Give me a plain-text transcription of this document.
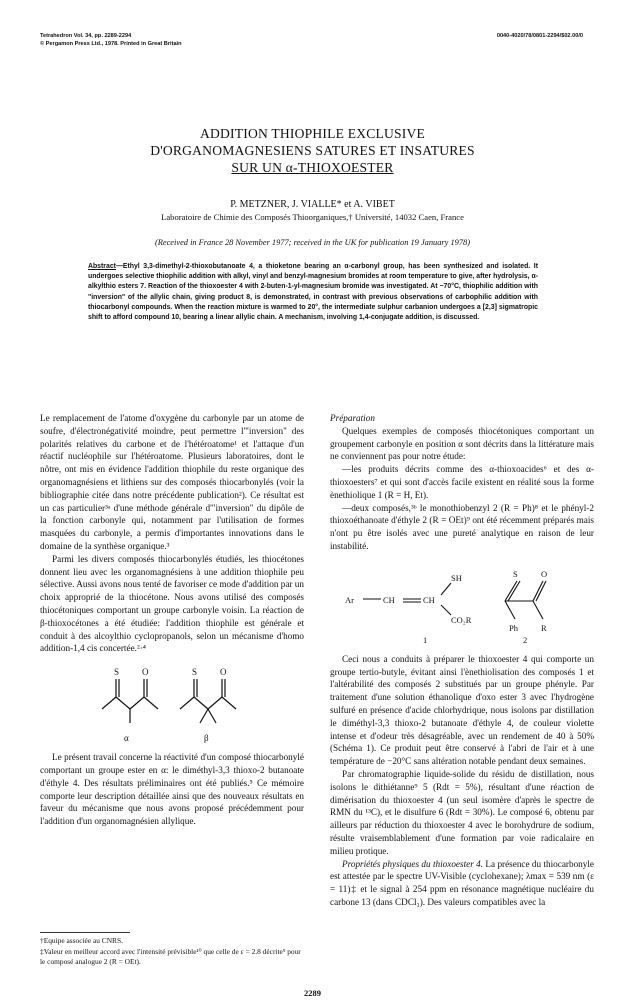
Tetrahedron Vol. 34, pp. 2289-2294
© Pergamon Press Ltd., 1978. Printed in Great Britain
0040-4020/78/0801-2294/$02.00/0
ADDITION THIOPHILE EXCLUSIVE
D'ORGANOMAGNESIENS SATURES ET INSATURES
SUR UN α-THIOXOESTER
P. METZNER, J. VIALLE* et A. VIBET
Laboratoire de Chimie des Composés Thioorganiques,† Université, 14032 Caen, France
(Received in France 28 November 1977; received in the UK for publication 19 January 1978)
Abstract—Ethyl 3,3-dimethyl-2-thioxobutanoate 4, a thioketone bearing an α-carbonyl group, has been synthesized and isolated. It undergoes selective thiophilic addition with alkyl, vinyl and benzyl-magnesium bromides at room temperature to give, after hydrolysis, α-alkylthio esters 7. Reaction of the thioxoester 4 with 2-buten-1-yl-magnesium bromide was investigated. At −70°C, thiophilic addition with "inversion" of the allylic chain, giving product 8, is demonstrated, in contrast with previous observations of carbophilic addition with thiocarbonyl compounds. When the reaction mixture is warmed to 20°, the intermediate sulphur carbanion undergoes a [2,3] sigmatropic shift to afford compound 10, bearing a linear allylic chain. A mechanism, involving 1,4-conjugate addition, is discussed.

Le remplacement de l'atome d'oxygène du carbonyle par un atome de soufre, d'électronégativité moindre, peut permettre l'"inversion" des polarités relatives du carbone et de l'hétéroatome¹ et l'attaque d'un réactif nucléophile sur l'hétéroatome. Plusieurs laboratoires, dont le nôtre, ont mis en évidence l'addition thiophile du reste organique des organomagnésiens et lithiens sur des composés thiocarbonylés (voir la bibliographie citée dans notre précédente publication²). Ce résultat est un cas particulier³ᵃ d'une méthode générale d'"inversion" du dipôle de la fonction carbonyle qui, notamment par l'utilisation de formes masquées du carbonyle, a permis d'importantes innovations dans le domaine de la synthèse organique.³

Parmi les divers composés thiocarbonylés étudiés, les thiocétones donnent lieu avec les organomagnésiens à une addition thiophile peu sélective. Aussi avons nous tenté de favoriser ce mode d'addition par un choix approprié de la thiocétone. Nous avons utilisé des composés thiocétoniques comportant un groupe carbonyle voisin. La réaction de β-thioxocétones a été étudiée: l'addition thiophile est générale et conduit à des alcoylthio cyclopropanols, selon un mécanisme d'homo addition-1,4 cis concertée.²·⁴

S	O	S	O
α	β

Le présent travail concerne la réactivité d'un composé thiocarbonylé comportant un groupe ester en α: le diméthyl-3,3 thioxo-2 butanoate d'éthyle 4. Des résultats préliminaires ont été publiés.⁵ Ce mémoire comporte leur description détaillée ainsi que des nouveaux résultats en faveur du mécanisme que nous avons proposé précédemment pour l'addition d'un organomagnésien allylique.

Préparation

Quelques exemples de composés thiocétoniques comportant un groupement carbonyle en position α sont décrits dans la littérature mais ne conviennent pas pour notre étude:

—les produits décrits comme des α-thioxoacides⁶ et des α-thioxoesters⁷ et qui sont d'accès facile existent en réalité sous la forme ènethiolique 1 (R = H, Et).

—deux composés,³ᵇ le monothiobenzyl 2 (R = Ph)⁸ et le phényl-2 thioxoéthanoate d'éthyle 2 (R = OEt)⁹ ont été récemment préparés mais n'ont pu être isolés avec une pureté analytique en raison de leur instabilité.

Ar	CH	CH
SH
CO₂R
S	O
Ph	R
1	2

Ceci nous a conduits à préparer le thioxoester 4 qui comporte un groupe tertio-butyle, évitant ainsi l'ènethiolisation des composés 1 et l'altérabilité des composés 2 substitués par un groupe phényle. Par traitement d'une solution éthanolique d'oxo ester 3 avec l'hydrogène sulfuré en présence d'acide chlorhydrique, nous isolons par distillation le diméthyl-3,3 thioxo-2 butanoate d'éthyle 4, de couleur violette intense et d'odeur très désagréable, avec un rendement de 40 à 50% (Schéma 1). Ce produit peut être conservé à l'abri de l'air et à une température de −20°C sans altération notable pendant deux semaines.

Par chromatographie liquide-solide du résidu de distillation, nous isolons le dithiétanne⁹ 5 (Rdt = 5%), résultant d'une réaction de dimérisation du thioxoester 4 (un seul isomère d'après le spectre de RMN du ¹³C), et le disulfure 6 (Rdt = 30%). Le composé 6, obtenu par ailleurs par réduction du thioxoester 4 avec le borohydrure de sodium, résulte vraisemblablement d'une formation par voie radicalaire en milieu protique.

Propriétés physiques du thioxoester 4. La présence du thiocarbonyle est attestée par le spectre UV-Visible (cyclohexane); λmax = 539 nm (ε = 11)‡ et le signal à 254 ppm en résonance magnétique nucléaire du carbone 13 (dans CDCl₃). Des valeurs compatibles avec la

†Equipe associée au CNRS.
‡Valeur en meilleur accord avec l'intensité prévisible¹⁰ que celle de ε = 2.8 décrite⁹ pour le composé analogue 2 (R = OEt).
2289
